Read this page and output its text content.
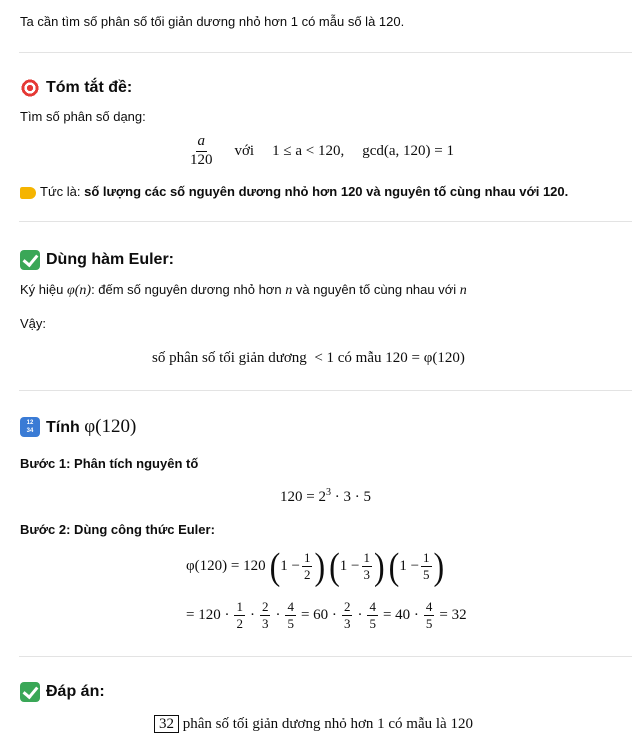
Ta cần tìm số phân số tối giản dương nhỏ hơn 1 có mẫu số là 120.
Tóm tắt đề:
Tìm số phân số dạng:
$\frac{a}{120}$ với 1 ≤ a < 120, gcd(a, 120) = 1
Tức là: số lượng các số nguyên dương nhỏ hơn 120 và nguyên tố cùng nhau với 120.
Dùng hàm Euler:
Ký hiệu φ(n): đếm số nguyên dương nhỏ hơn n và nguyên tố cùng nhau với n
Vậy:
số phân số tối giản dương < 1 có mẫu 120 = φ(120)
12
34 Tính φ(120)
Bước 1: Phân tích nguyên tố
$120 = 2^3 \cdot 3 \cdot 5$
Bước 2: Dùng công thức Euler:
φ(120) = 120 ( $1 - \frac{1}{2}$ ) ( $1 - \frac{1}{3}$ ) ( $1 - \frac{1}{5}$ )
= $120 \cdot \frac{1}{2} \cdot \frac{2}{3} \cdot \frac{4}{5} = 60 \cdot \frac{2}{3} \cdot \frac{4}{5} = 40 \cdot \frac{4}{5} = 32$
Đáp án:
32 phân số tối giản dương nhỏ hơn 1 có mẫu là 120
